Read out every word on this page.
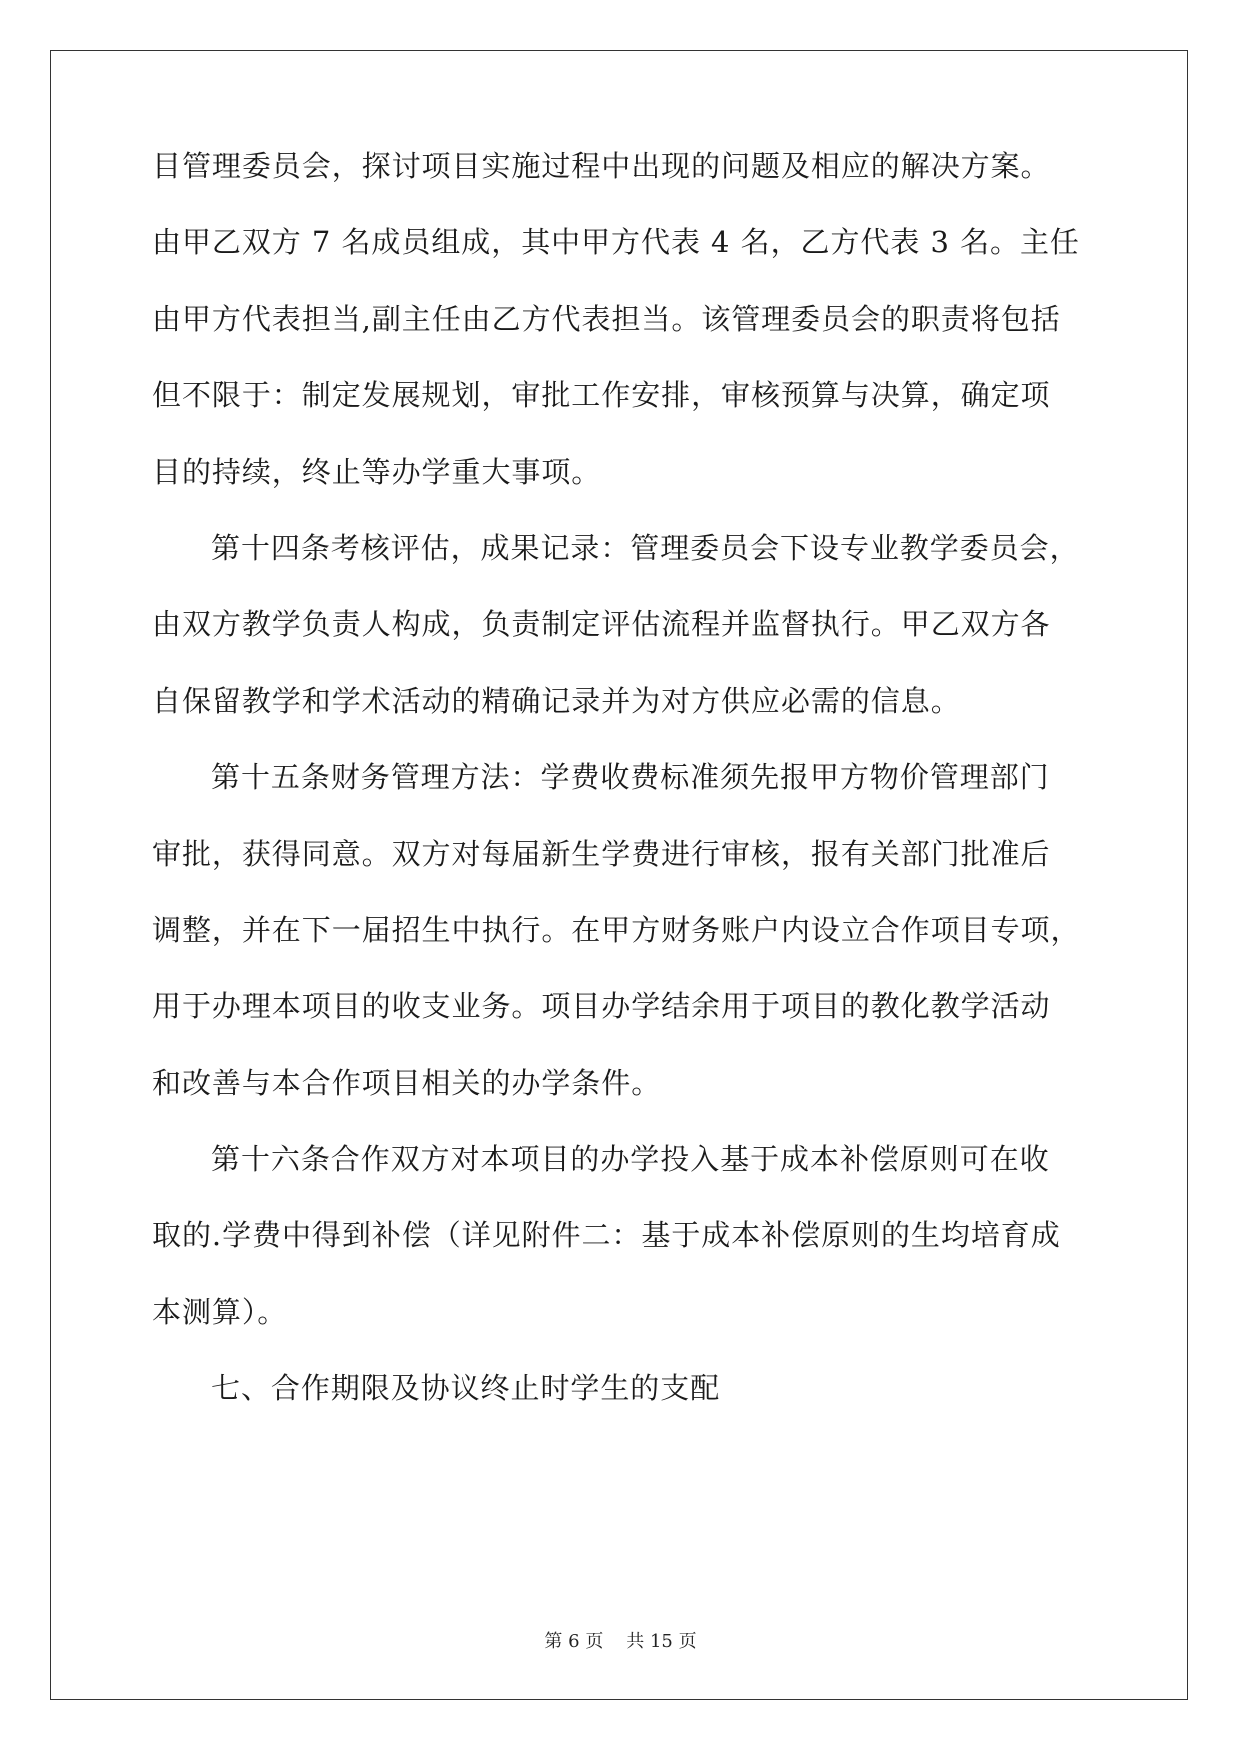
目管理委员会，探讨项目实施过程中出现的问题及相应的解决方案。
由甲乙双方 7 名成员组成，其中甲方代表 4 名，乙方代表 3 名。主任
由甲方代表担当,副主任由乙方代表担当。该管理委员会的职责将包括
但不限于：制定发展规划，审批工作安排，审核预算与决算，确定项
目的持续，终止等办学重大事项。
第十四条考核评估，成果记录：管理委员会下设专业教学委员会，
由双方教学负责人构成，负责制定评估流程并监督执行。甲乙双方各
自保留教学和学术活动的精确记录并为对方供应必需的信息。
第十五条财务管理方法：学费收费标准须先报甲方物价管理部门
审批，获得同意。双方对每届新生学费进行审核，报有关部门批准后
调整，并在下一届招生中执行。在甲方财务账户内设立合作项目专项，
用于办理本项目的收支业务。项目办学结余用于项目的教化教学活动
和改善与本合作项目相关的办学条件。
第十六条合作双方对本项目的办学投入基于成本补偿原则可在收
取的.学费中得到补偿（详见附件二：基于成本补偿原则的生均培育成
本测算）。
七、合作期限及协议终止时学生的支配
第 6 页 共 15 页
